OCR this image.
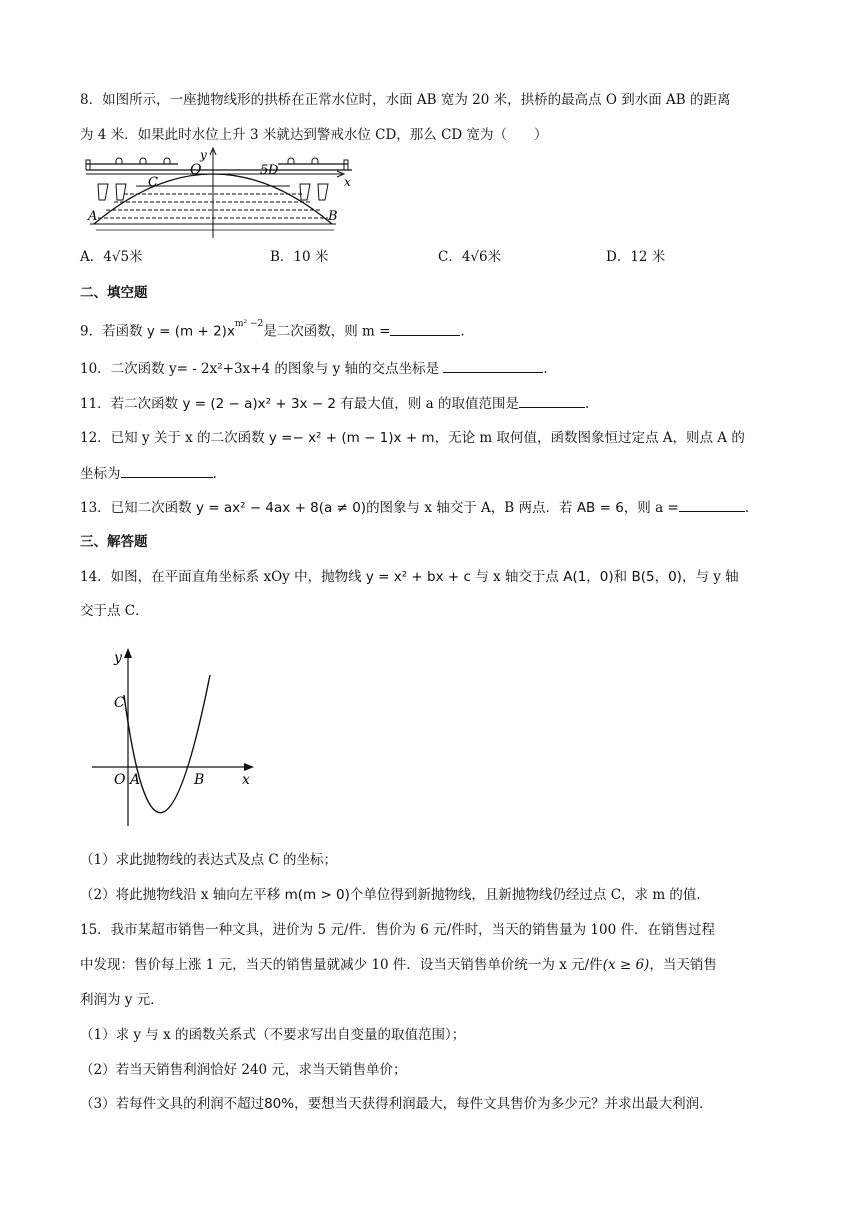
8．如图所示，一座抛物线形的拱桥在正常水位时，水面 AB 宽为 20 米，拱桥的最高点 O 到水面 AB 的距离
为 4 米．如果此时水位上升 3 米就达到警戒水位 CD，那么 CD 宽为（　　）
y
O	5
x
C
D
A	B
A．4√5米	B．10 米	C．4√6米	D．12 米
二、填空题
9．若函数 $y = (m + 2)x^{m^2 -2}$是二次函数，则 m =	.
10．二次函数 y= - 2x²+3x+4 的图象与 y 轴的交点坐标是	.
11．若二次函数 y = (2 − a)x² + 3x − 2 有最大值，则 a 的取值范围是	.
12．已知 y 关于 x 的二次函数 y =− x² + (m − 1)x + m，无论 m 取何值，函数图象恒过定点 A，则点 A 的
坐标为	.
13．已知二次函数 y = ax² − 4ax + 8(a ≠ 0)的图象与 x 轴交于 A，B 两点．若 AB = 6，则 a =	.
三、解答题
14．如图，在平面直角坐标系 xOy 中，抛物线 y = x² + bx + c 与 x 轴交于点 A(1，0)和 B(5，0)，与 y 轴
交于点 C．
y
C
O A	B	x
（1）求此抛物线的表达式及点 C 的坐标；
（2）将此抛物线沿 x 轴向左平移 m(m > 0)个单位得到新抛物线，且新抛物线仍经过点 C，求 m 的值．
15．我市某超市销售一种文具，进价为 5 元/件．售价为 6 元/件时，当天的销售量为 100 件．在销售过程
中发现：售价每上涨 1 元，当天的销售量就减少 10 件．设当天销售单价统一为 x 元/件(x ≥ 6)，当天销售
利润为 y 元．
（1）求 y 与 x 的函数关系式（不要求写出自变量的取值范围）；
（2）若当天销售利润恰好 240 元，求当天销售单价；
（3）若每件文具的利润不超过80%，要想当天获得利润最大，每件文具售价为多少元？并求出最大利润．
